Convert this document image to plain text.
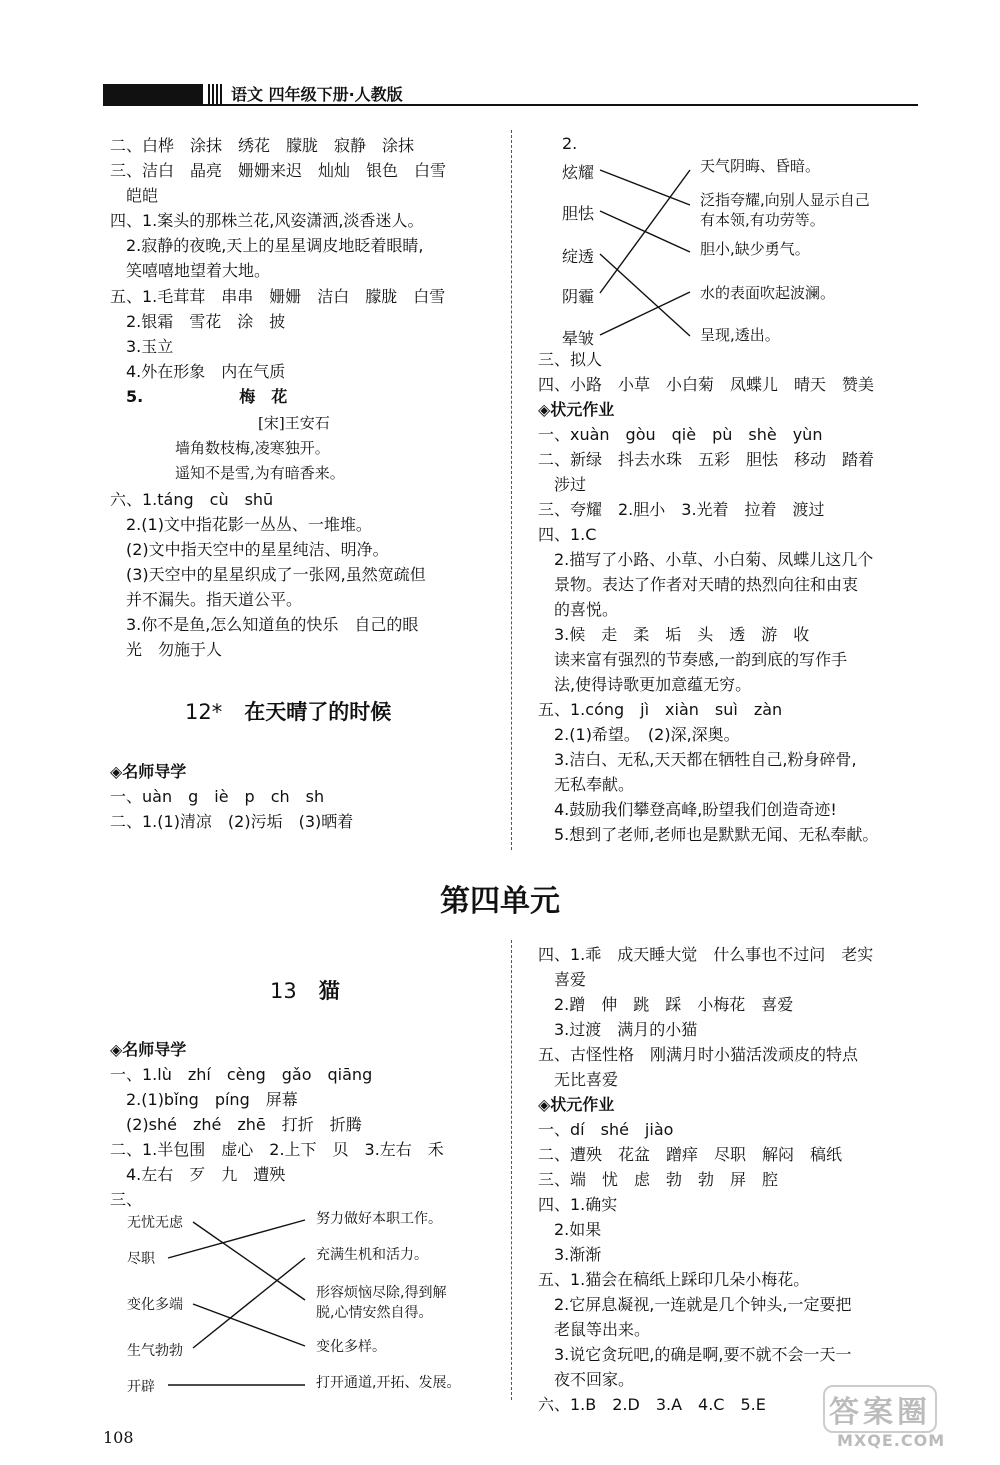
语文 四年级下册·人教版
二、白桦　涂抹　绣花　朦胧　寂静　涂抹
三、洁白　晶亮　姗姗来迟　灿灿　银色　白雪
　皑皑
四、1.案头的那株兰花,风姿潇洒,淡香迷人。
　2.寂静的夜晚,天上的星星调皮地眨着眼睛,
　笑嘻嘻地望着大地。
五、1.毛茸茸　串串　姗姗　洁白　朦胧　白雪
　2.银霜　雪花　涂　披
　3.玉立
　4.外在形象　内在气质
　5.　　　　　　梅　花
[宋]王安石
墙角数枝梅,凌寒独开。
遥知不是雪,为有暗香来。
六、1.táng　cù　shū
　2.(1)文中指花影一丛丛、一堆堆。
　(2)文中指天空中的星星纯洁、明净。
　(3)天空中的星星织成了一张网,虽然宽疏但
　并不漏失。指天道公平。
　3.你不是鱼,怎么知道鱼的快乐　自己的眼
　光　勿施于人
12* 在天晴了的时候
◈名师导学
一、uàn　g　iè　p　ch　sh
二、1.(1)清凉　(2)污垢　(3)晒着
2.
炫耀
胆怯
绽透
阴霾
晕皱
天气阴晦、昏暗。
泛指夸耀,向别人显示自己
有本领,有功劳等。
胆小,缺少勇气。
水的表面吹起波澜。
呈现,透出。
三、拟人
四、小路　小草　小白菊　凤蝶儿　晴天　赞美
◈状元作业
一、xuàn　gòu　qiè　pù　shè　yùn
二、新绿　抖去水珠　五彩　胆怯　移动　踏着
　涉过
三、夸耀　2.胆小　3.光着　拉着　渡过
四、1.C
　2.描写了小路、小草、小白菊、凤蝶儿这几个
　景物。表达了作者对天晴的热烈向往和由衷
　的喜悦。
　3.候　走　柔　垢　头　透　游　收
　读来富有强烈的节奏感,一韵到底的写作手
　法,使得诗歌更加意蕴无穷。
五、1.cóng　jì　xiàn　suì　zàn
　2.(1)希望。　(2)深,深奥。
　3.洁白、无私,天天都在牺牲自己,粉身碎骨,
　无私奉献。
　4.鼓励我们攀登高峰,盼望我们创造奇迹!
　5.想到了老师,老师也是默默无闻、无私奉献。
第四单元
13 猫
◈名师导学
一、1.lù　zhí　cèng　gǎo　qiāng
　2.(1)bǐng　píng　屏幕
　(2)shé　zhé　zhē　打折　折腾
二、1.半包围　虚心　2.上下　贝　3.左右　禾
　4.左右　歹　九　遭殃
三、
无忧无虑
尽职
变化多端
生气勃勃
开辟
努力做好本职工作。
充满生机和活力。
形容烦恼尽除,得到解
脱,心情安然自得。
变化多样。
打开通道,开拓、发展。
四、1.乖　成天睡大觉　什么事也不过问　老实
　喜爱
　2.蹭　伸　跳　踩　小梅花　喜爱
　3.过渡　满月的小猫
五、古怪性格　刚满月时小猫活泼顽皮的特点
　无比喜爱
◈状元作业
一、dí　shé　jiào
二、遭殃　花盆　蹭痒　尽职　解闷　稿纸
三、端　忧　虑　勃　勃　屏　腔
四、1.确实
　2.如果
　3.渐渐
五、1.猫会在稿纸上踩印几朵小梅花。
　2.它屏息凝视,一连就是几个钟头,一定要把
　老鼠等出来。
　3.说它贪玩吧,的确是啊,要不就不会一天一
　夜不回家。
六、1.B　2.D　3.A　4.C　5.E
108
答案圈
MXQE.COM
